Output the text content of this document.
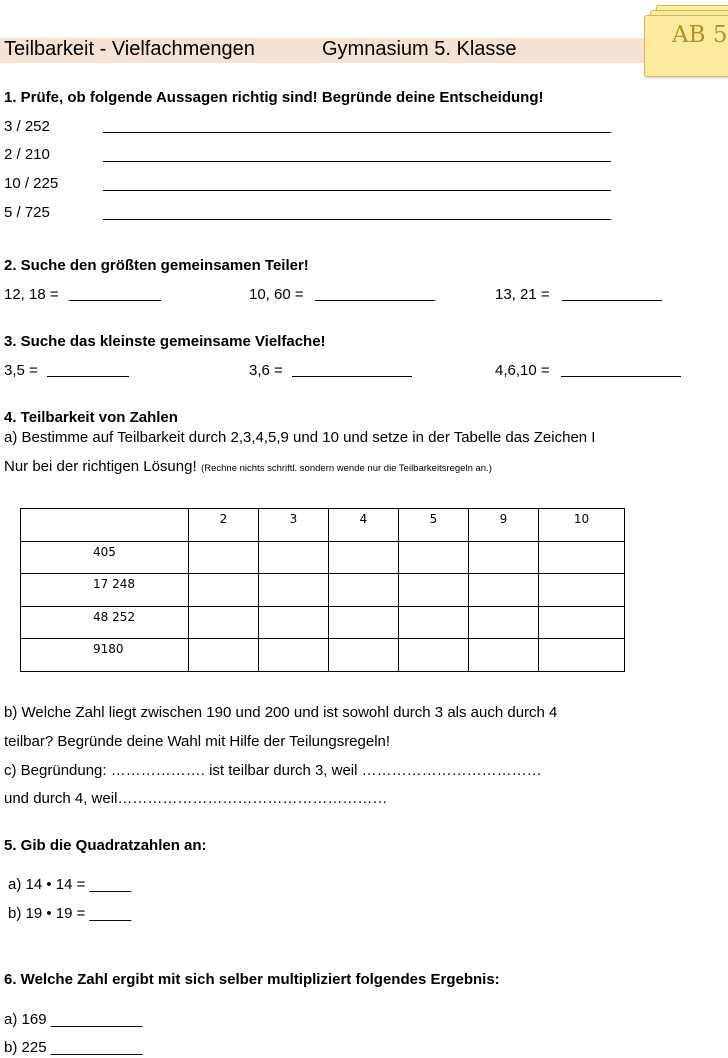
Teilbarkeit - Vielfachmengen	Gymnasium 5. Klasse
AB 5
1. Prüfe, ob folgende Aussagen richtig sind! Begründe deine Entscheidung!
3 / 252
2 / 210
10 / 225
5 / 725
2. Suche den größten gemeinsamen Teiler!
12, 18 =	10, 60 =	13, 21 =
3. Suche das kleinste gemeinsame Vielfache!
3,5 =	3,6 =	4,6,10 =
4. Teilbarkeit von Zahlen
a) Bestimme auf Teilbarkeit durch 2,3,4,5,9 und 10 und setze in der Tabelle das Zeichen I
Nur bei der richtigen Lösung! (Rechne nichts schriftl. sondern wende nur die Teilbarkeitsregeln an.)
	2	3	4	5	9	10
405						
17 248						
48 252						
9180						
b) Welche Zahl liegt zwischen 190 und 200 und ist sowohl durch 3 als auch durch 4
teilbar? Begründe deine Wahl mit Hilfe der Teilungsregeln!
c) Begründung: ………………. ist teilbar durch 3, weil ………………………………
und durch 4, weil………………………………………………
5. Gib die Quadratzahlen an:
a) 14 • 14 = _____
b) 19 • 19 = _____
6. Welche Zahl ergibt mit sich selber multipliziert folgendes Ergebnis:
a) 169 ___________
b) 225 ___________
